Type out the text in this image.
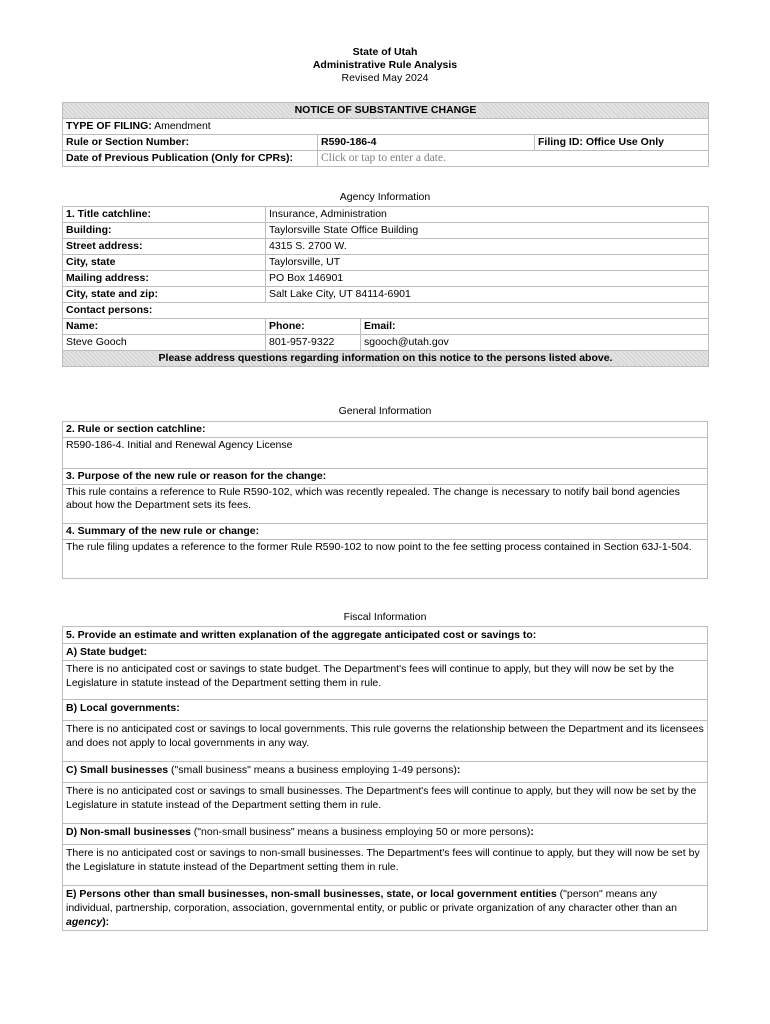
State of Utah
Administrative Rule Analysis
Revised May 2024
NOTICE OF SUBSTANTIVE CHANGE		
TYPE OF FILING: Amendment		
Rule or Section Number:	R590-186-4	Filing ID: Office Use Only
Date of Previous Publication (Only for CPRs):	Click or tap to enter a date.	
Agency Information
1. Title catchline:	Insurance, Administration	
Building:	Taylorsville State Office Building	
Street address:	4315 S. 2700 W.	
City, state	Taylorsville, UT	
Mailing address:	PO Box 146901	
City, state and zip:	Salt Lake City, UT 84114-6901	
Contact persons:		
Name:	Phone:	Email:
Steve Gooch	801-957-9322	sgooch@utah.gov
Please address questions regarding information on this notice to the persons listed above.		
General Information
2. Rule or section catchline:
R590-186-4. Initial and Renewal Agency License
3. Purpose of the new rule or reason for the change:
This rule contains a reference to Rule R590-102, which was recently repealed. The change is necessary to notify bail bond agencies about how the Department sets its fees.
4. Summary of the new rule or change:
The rule filing updates a reference to the former Rule R590-102 to now point to the fee setting process contained in Section 63J-1-504.
Fiscal Information
5. Provide an estimate and written explanation of the aggregate anticipated cost or savings to:
A) State budget:
There is no anticipated cost or savings to state budget. The Department's fees will continue to apply, but they will now be set by the Legislature in statute instead of the Department setting them in rule.
B) Local governments:
There is no anticipated cost or savings to local governments. This rule governs the relationship between the Department and its licensees and does not apply to local governments in any way.
C) Small businesses ("small business" means a business employing 1-49 persons):
There is no anticipated cost or savings to small businesses. The Department's fees will continue to apply, but they will now be set by the Legislature in statute instead of the Department setting them in rule.
D) Non-small businesses ("non-small business" means a business employing 50 or more persons):
There is no anticipated cost or savings to non-small businesses. The Department's fees will continue to apply, but they will now be set by the Legislature in statute instead of the Department setting them in rule.
E) Persons other than small businesses, non-small businesses, state, or local government entities ("person" means any individual, partnership, corporation, association, governmental entity, or public or private organization of any character other than an agency):
